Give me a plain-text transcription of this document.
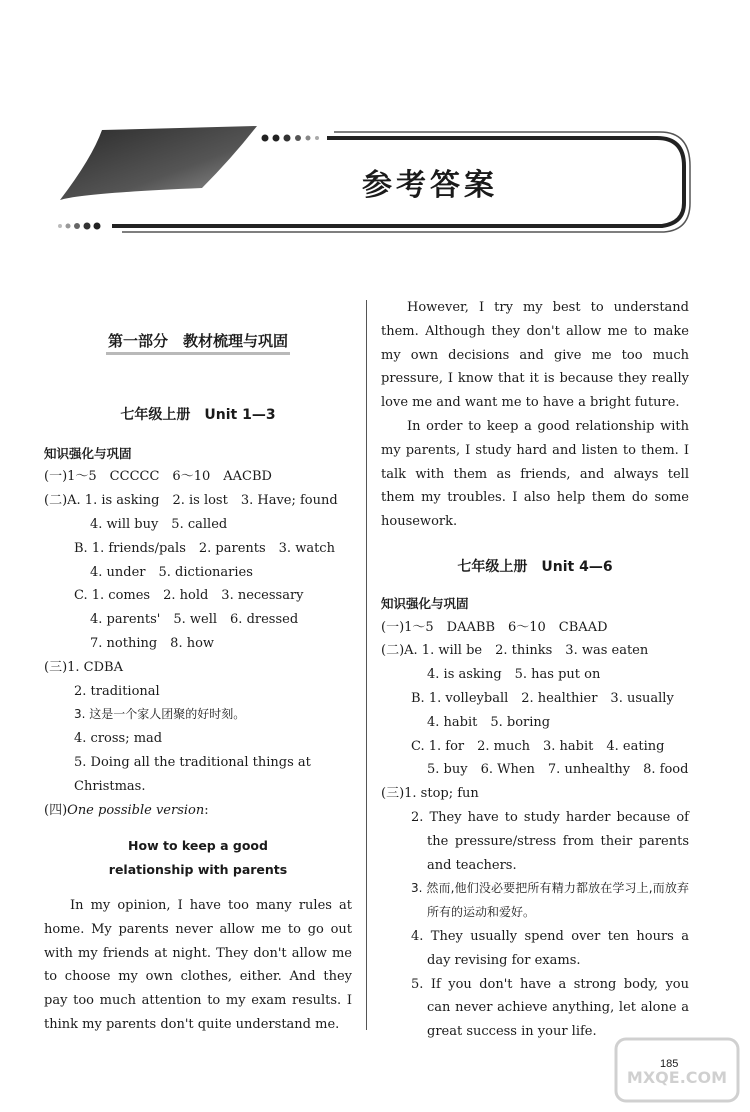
参考答案

第一部分　教材梳理与巩固

七年级上册　Unit 1—3

知识强化与巩固

(一)1～5　CCCCC　6～10　AACBD

(二)A. 1. is asking　2. is lost　3. Have; found

4. will buy　5. called

B. 1. friends/pals　2. parents　3. watch

4. under　5. dictionaries

C. 1. comes　2. hold　3. necessary

4. parents'　5. well　6. dressed

7. nothing　8. how

(三)1. CDBA

2. traditional

3. 这是一个家人团聚的好时刻。

4. cross; mad

5. Doing all the traditional things at Christmas.

(四)One possible version:

How to keep a good

relationship with parents

In my opinion, I have too many rules at home. My parents never allow me to go out with my friends at night. They don't allow me to choose my own clothes, either. And they pay too much attention to my exam results. I think my parents don't quite understand me.

However, I try my best to understand them. Although they don't allow me to make my own decisions and give me too much pressure, I know that it is because they really love me and want me to have a bright future.

In order to keep a good relationship with my parents, I study hard and listen to them. I talk with them as friends, and always tell them my troubles. I also help them do some housework.

七年级上册　Unit 4—6

知识强化与巩固

(一)1～5　DAABB　6～10　CBAAD

(二)A. 1. will be　2. thinks　3. was eaten

4. is asking　5. has put on

B. 1. volleyball　2. healthier　3. usually

4. habit　5. boring

C. 1. for　2. much　3. habit　4. eating

5. buy　6. When　7. unhealthy　8. food

(三)1. stop; fun

2. They have to study harder because of the pressure/stress from their parents and teachers.

3. 然而,他们没必要把所有精力都放在学习上,而放弃所有的运动和爱好。

4. They usually spend over ten hours a day revising for exams.

5. If you don't have a strong body, you can never achieve anything, let alone a great success in your life.

185
MXQE.COM
